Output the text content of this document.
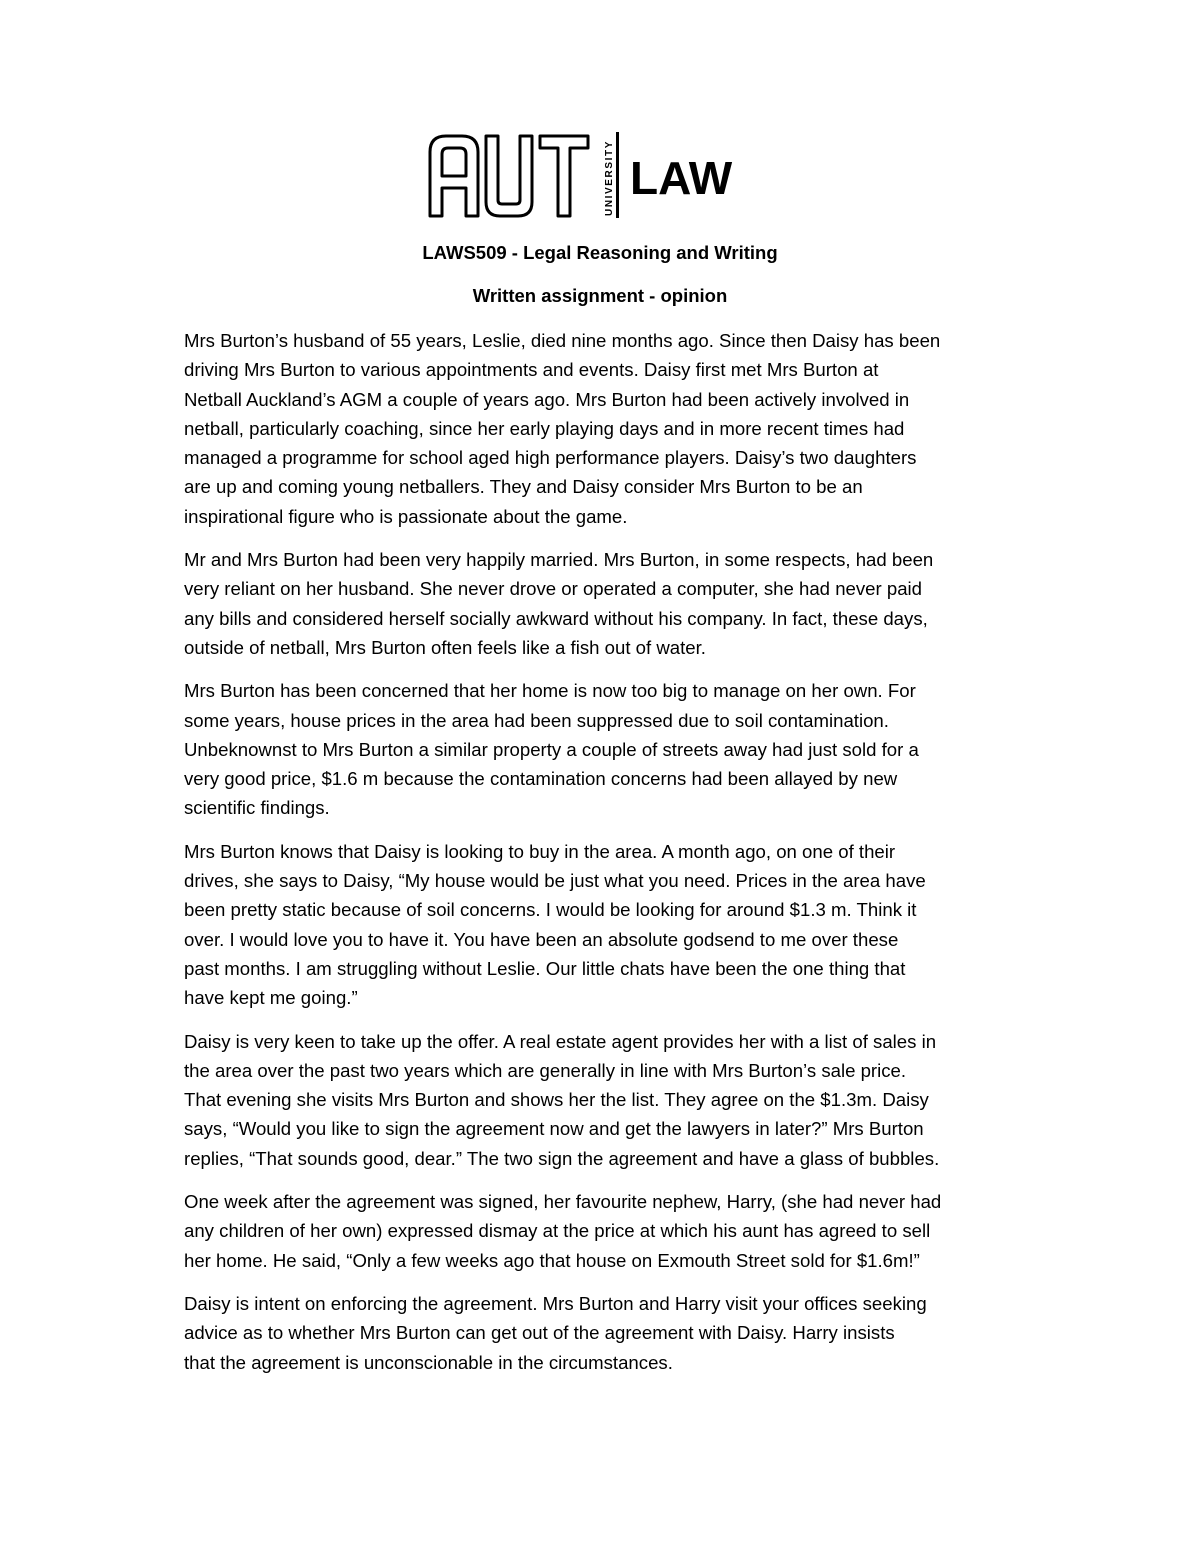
UNIVERSITY LAW

LAWS509 - Legal Reasoning and Writing

Written assignment - opinion

Mrs Burton’s husband of 55 years, Leslie, died nine months ago. Since then Daisy has been
driving Mrs Burton to various appointments and events. Daisy first met Mrs Burton at
Netball Auckland’s AGM a couple of years ago. Mrs Burton had been actively involved in
netball, particularly coaching, since her early playing days and in more recent times had
managed a programme for school aged high performance players. Daisy’s two daughters
are up and coming young netballers. They and Daisy consider Mrs Burton to be an
inspirational figure who is passionate about the game.

Mr and Mrs Burton had been very happily married. Mrs Burton, in some respects, had been
very reliant on her husband. She never drove or operated a computer, she had never paid
any bills and considered herself socially awkward without his company. In fact, these days,
outside of netball, Mrs Burton often feels like a fish out of water.

Mrs Burton has been concerned that her home is now too big to manage on her own. For
some years, house prices in the area had been suppressed due to soil contamination.
Unbeknownst to Mrs Burton a similar property a couple of streets away had just sold for a
very good price, $1.6 m because the contamination concerns had been allayed by new
scientific findings.

Mrs Burton knows that Daisy is looking to buy in the area. A month ago, on one of their
drives, she says to Daisy, “My house would be just what you need. Prices in the area have
been pretty static because of soil concerns. I would be looking for around $1.3 m. Think it
over. I would love you to have it. You have been an absolute godsend to me over these
past months. I am struggling without Leslie. Our little chats have been the one thing that
have kept me going.”

Daisy is very keen to take up the offer. A real estate agent provides her with a list of sales in
the area over the past two years which are generally in line with Mrs Burton’s sale price.
That evening she visits Mrs Burton and shows her the list. They agree on the $1.3m. Daisy
says, “Would you like to sign the agreement now and get the lawyers in later?” Mrs Burton
replies, “That sounds good, dear.” The two sign the agreement and have a glass of bubbles.

One week after the agreement was signed, her favourite nephew, Harry, (she had never had
any children of her own) expressed dismay at the price at which his aunt has agreed to sell
her home. He said, “Only a few weeks ago that house on Exmouth Street sold for $1.6m!”

Daisy is intent on enforcing the agreement. Mrs Burton and Harry visit your offices seeking
advice as to whether Mrs Burton can get out of the agreement with Daisy. Harry insists
that the agreement is unconscionable in the circumstances.
